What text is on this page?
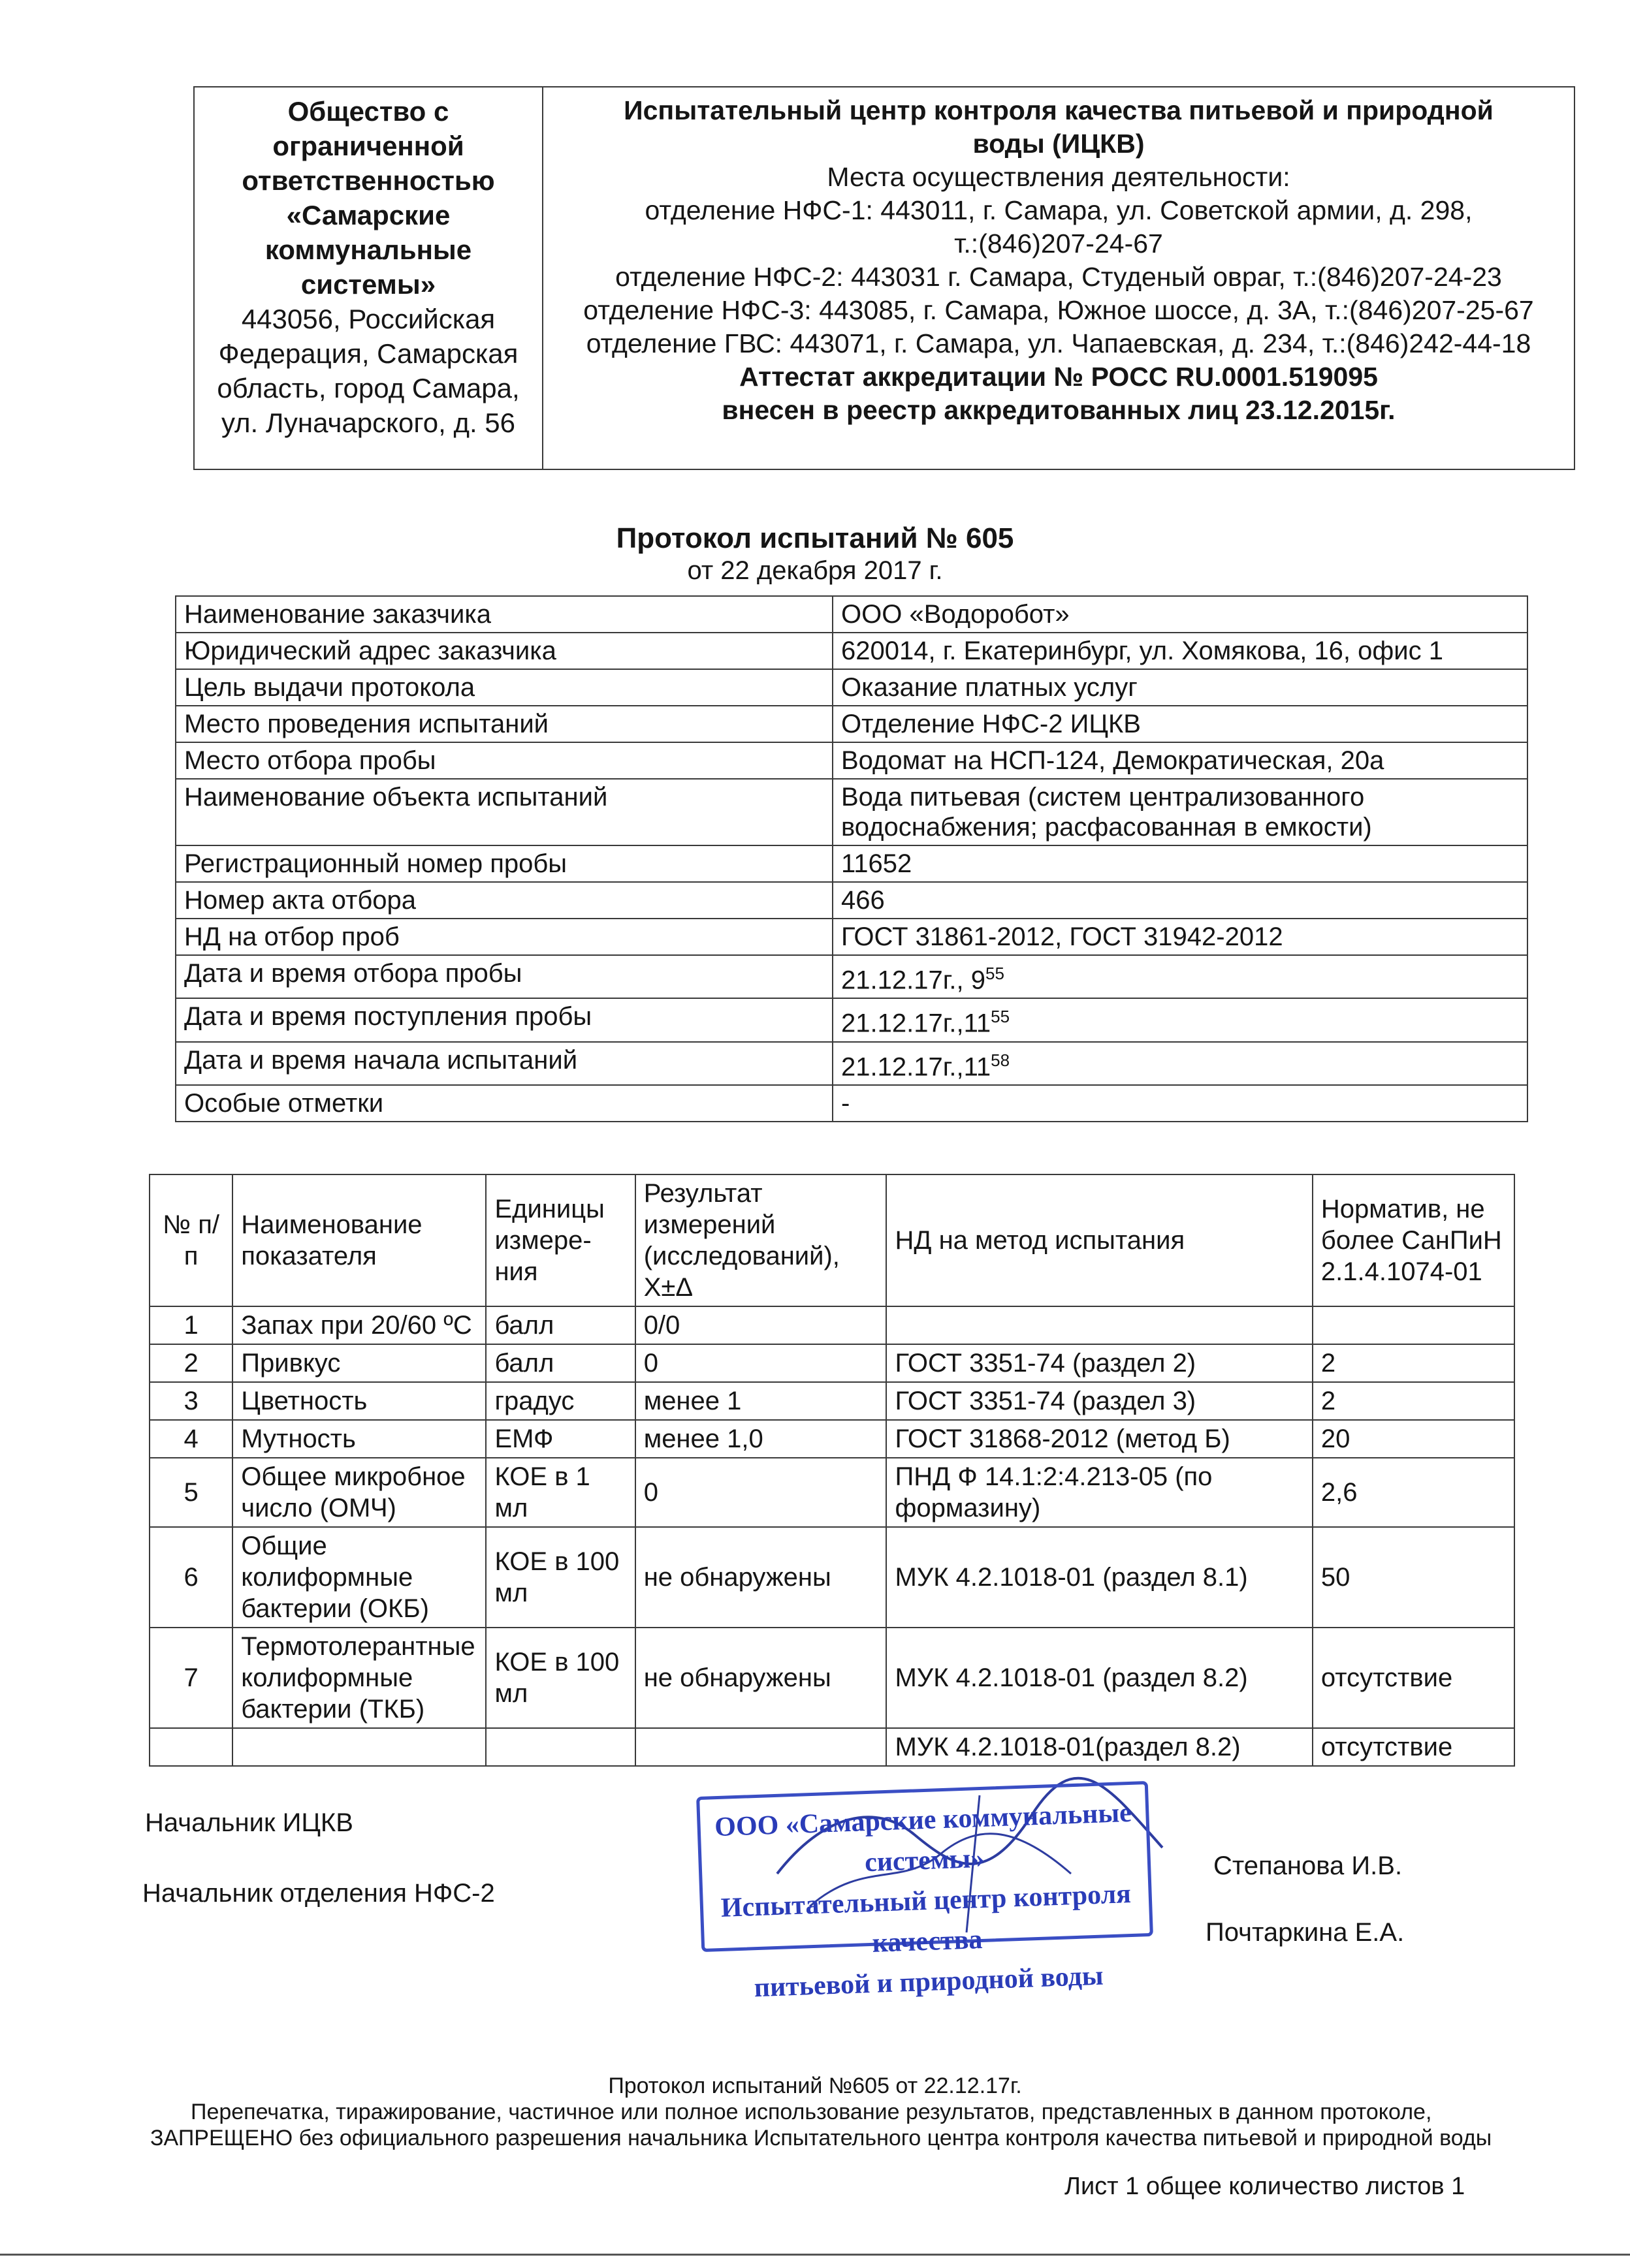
Общество с
ограниченной
ответственностью
«Самарские
коммунальные
системы»
443056, Российская
Федерация, Самарская
область, город Самара,
ул. Луначарского, д. 56

Испытательный центр контроля качества питьевой и природной
воды (ИЦКВ)
Места осуществления деятельности:
отделение НФС-1: 443011, г. Самара, ул. Советской армии, д. 298,
т.:(846)207-24-67
отделение НФС-2: 443031 г. Самара, Студеный овраг, т.:(846)207-24-23
отделение НФС-3: 443085, г. Самара, Южное шоссе, д. 3А, т.:(846)207-25-67
отделение ГВС: 443071, г. Самара, ул. Чапаевская, д. 234, т.:(846)242-44-18
Аттестат аккредитации № РОСС RU.0001.519095
внесен в реестр аккредитованных лиц 23.12.2015г.
Протокол испытаний № 605
от 22 декабря 2017 г.
Наименование заказчика	ООО «Водоробот»
Юридический адрес заказчика	620014, г. Екатеринбург, ул. Хомякова, 16, офис 1
Цель выдачи протокола	Оказание платных услуг
Место проведения испытаний	Отделение НФС-2 ИЦКВ
Место отбора пробы	Водомат на НСП-124, Демократическая, 20а
Наименование объекта испытаний	Вода питьевая (систем централизованного водоснабжения; расфасованная в емкости)
Регистрационный номер пробы	11652
Номер акта отбора	466
НД на отбор проб	ГОСТ 31861-2012, ГОСТ 31942-2012
Дата и время отбора пробы	21.12.17г., $9^{55}$
Дата и время поступления пробы	21.12.17г.,11$^{55}$
Дата и время начала испытаний	21.12.17г.,11$^{58}$
Особые отметки	-
№ п/п	Наименование показателя	Единицы измере-ния	Результат измерений (исследований), Х±Δ	НД на метод испытания	Норматив, не более СанПиН 2.1.4.1074-01
1	Запах при 20/60 ºС	балл	0/0		
2	Привкус	балл	0	ГОСТ 3351-74 (раздел 2)	2
3	Цветность	градус	менее 1	ГОСТ 3351-74 (раздел 3)	2
4	Мутность	ЕМФ	менее 1,0	ГОСТ 31868-2012 (метод Б)	20
5	Общее микробное число (ОМЧ)	КОЕ в 1 мл	0	ПНД Ф 14.1:2:4.213-05 (по формазину)	2,6
6	Общие колиформные бактерии (ОКБ)	КОЕ в 100 мл	не обнаружены	МУК 4.2.1018-01 (раздел 8.1)	50
7	Термотолерантные колиформные бактерии (ТКБ)	КОЕ в 100 мл	не обнаружены	МУК 4.2.1018-01 (раздел 8.2)	отсутствие
				МУК 4.2.1018-01(раздел 8.2)	отсутствие
Начальник ИЦКВ
Начальник отделения НФС-2
Степанова И.В.
Почтаркина Е.А.
ООО «Самарские коммунальные системы»
Испытательный центр контроля качества
питьевой и природной воды
Протокол испытаний №605 от 22.12.17г.
Перепечатка, тиражирование, частичное или полное использование результатов, представленных в данном протоколе,
ЗАПРЕЩЕНО без официального разрешения начальника Испытательного центра контроля качества питьевой и природной воды
Лист 1 общее количество листов 1
